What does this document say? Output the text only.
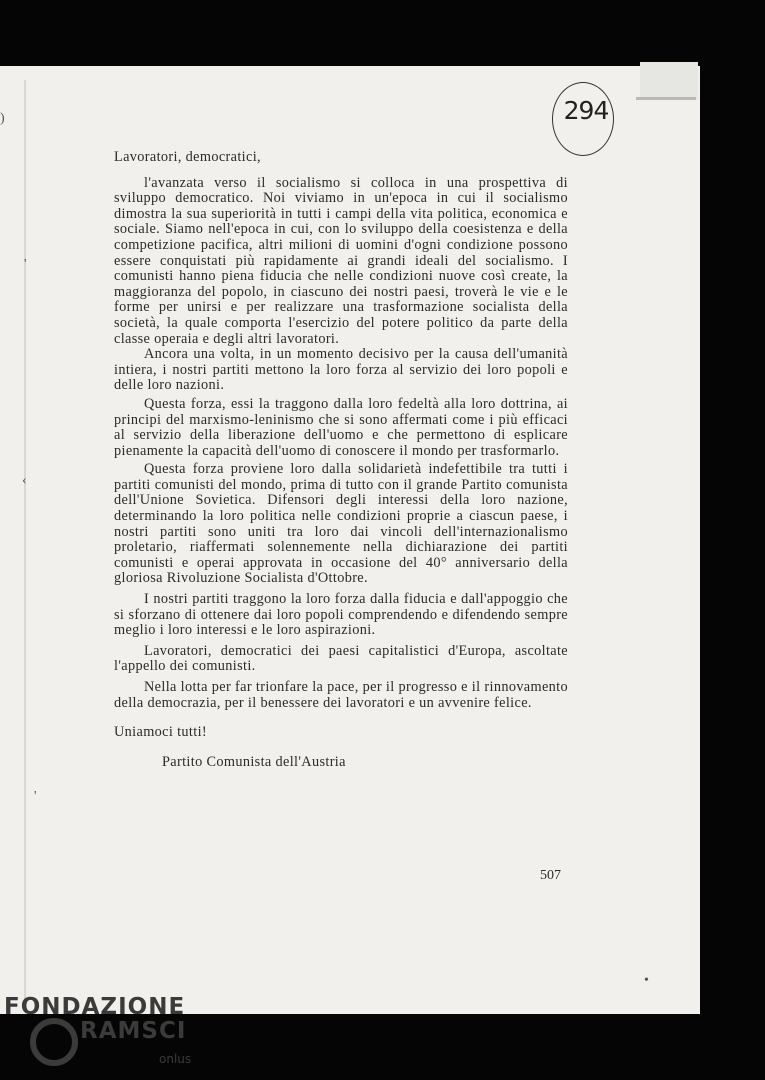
)
'
‹
'
•
294

Lavoratori, democratici,

l'avanzata verso il socialismo si colloca in una prospettiva di sviluppo democratico. Noi viviamo in un'epoca in cui il socialismo dimostra la sua superiorità in tutti i campi della vita politica, economica e sociale. Siamo nell'epoca in cui, con lo sviluppo della coesistenza e della competizione pacifica, altri milioni di uomini d'ogni condizione possono essere conquistati più rapidamente ai grandi ideali del socialismo. I comunisti hanno piena fiducia che nelle condizioni nuove così create, la maggioranza del popolo, in ciascuno dei nostri paesi, troverà le vie e le forme per unirsi e per realizzare una trasformazione socialista della società, la quale comporta l'esercizio del potere politico da parte della classe operaia e degli altri lavoratori.

Ancora una volta, in un momento decisivo per la causa dell'umanità intiera, i nostri partiti mettono la loro forza al servizio dei loro popoli e delle loro nazioni.

Questa forza, essi la traggono dalla loro fedeltà alla loro dottrina, ai principi del marxismo-leninismo che si sono affermati come i più efficaci al servizio della liberazione dell'uomo e che permettono di esplicare pienamente la capacità dell'uomo di conoscere il mondo per trasformarlo.

Questa forza proviene loro dalla solidarietà indefettibile tra tutti i partiti comunisti del mondo, prima di tutto con il grande Partito comunista dell'Unione Sovietica. Difensori degli interessi della loro nazione, determinando la loro politica nelle condizioni proprie a ciascun paese, i nostri partiti sono uniti tra loro dai vincoli dell'internazionalismo proletario, riaffermati solennemente nella dichiarazione dei partiti comunisti e operai approvata in occasione del 40° anniversario della gloriosa Rivoluzione Socialista d'Ottobre.

I nostri partiti traggono la loro forza dalla fiducia e dall'appoggio che si sforzano di ottenere dai loro popoli comprendendo e difendendo sempre meglio i loro interessi e le loro aspirazioni.

Lavoratori, democratici dei paesi capitalistici d'Europa, ascoltate l'appello dei comunisti.

Nella lotta per far trionfare la pace, per il progresso e il rinnovamento della democrazia, per il benessere dei lavoratori e un avvenire felice.

Uniamoci tutti!

Partito Comunista dell'Austria

507
FONDAZIONE
RAMSCI
onlus
